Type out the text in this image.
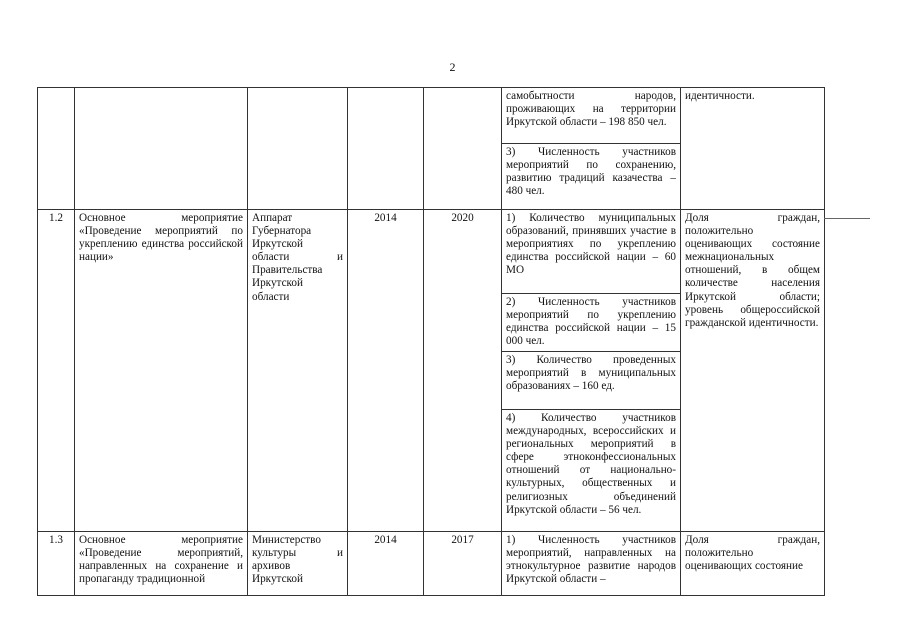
2
					самобытности народов, проживающих на территории Иркутской области – 198 850 чел.	идентичности.
					3) Численность участников мероприятий по сохранению, развитию традиций казачества – 480 чел.	
1.2	Основное мероприятие «Проведение мероприятий по укреплению единства российской нации»	Аппарат Губернатора Иркутской области и Правительства Иркутской области	2014	2020	1) Количество муниципальных образований, принявших участие в мероприятиях по укреплению единства российской нации – 60 МО	Доля граждан, положительно оценивающих состояние межнациональных отношений, в общем количестве населения Иркутской области; уровень общероссийской гражданской идентичности.
					2) Численность участников мероприятий по укреплению единства российской нации – 15 000 чел.	
					3) Количество проведенных мероприятий в муниципальных образованиях – 160 ед.	
					4) Количество участников международных, всероссийских и региональных мероприятий в сфере этноконфессиональных отношений от национально-культурных, общественных и религиозных объединений Иркутской области – 56 чел.	
1.3	Основное мероприятие «Проведение мероприятий, направленных на сохранение и пропаганду традиционной	Министерство культуры и архивов Иркутской	2014	2017	1) Численность участников мероприятий, направленных на этнокультурное развитие народов Иркутской области –	Доля граждан, положительно оценивающих состояние
